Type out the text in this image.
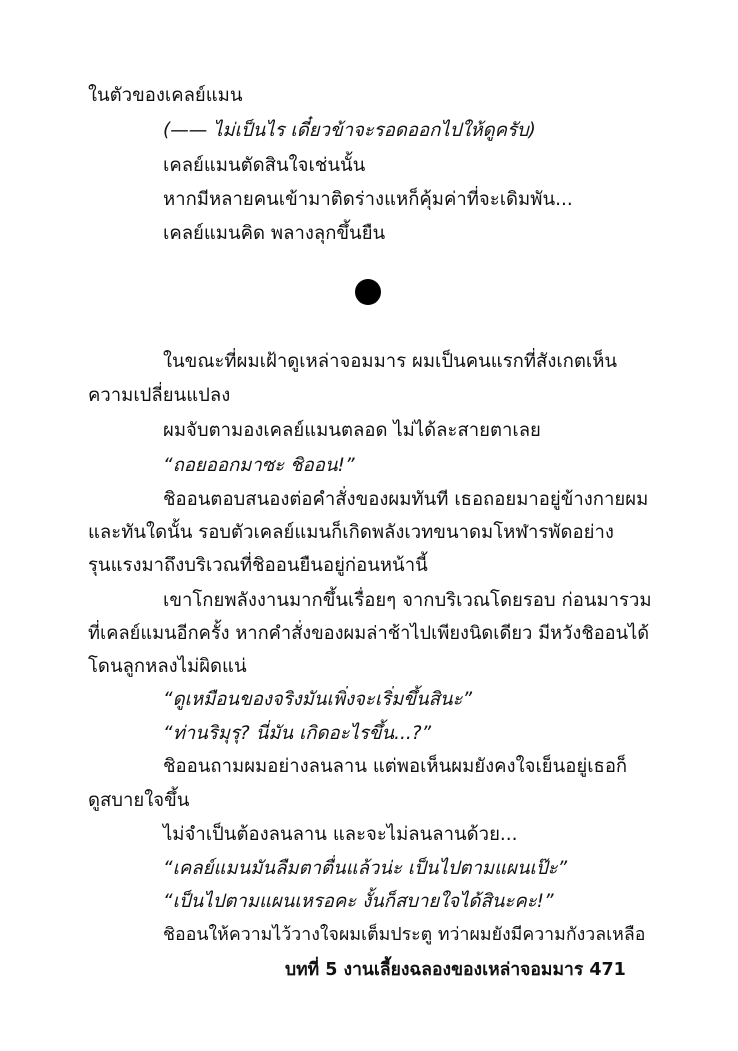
ในตัวของเคลย์แมน
(—— ไม่เป็นไร เดี๋ยวข้าจะรอดออกไปให้ดูครับ)
เคลย์แมนตัดสินใจเช่นนั้น
หากมีหลายคนเข้ามาติดร่างแหก็คุ้มค่าที่จะเดิมพัน...
เคลย์แมนคิด พลางลุกขึ้นยืน
ในขณะที่ผมเฝ้าดูเหล่าจอมมาร ผมเป็นคนแรกที่สังเกตเห็น
ความเปลี่ยนแปลง
ผมจับตามองเคลย์แมนตลอด ไม่ได้ละสายตาเลย
“ถอยออกมาซะ ชิออน!”
ชิออนตอบสนองต่อคำสั่งของผมทันที เธอถอยมาอยู่ข้างกายผม
และทันใดนั้น รอบตัวเคลย์แมนก็เกิดพลังเวทขนาดมโหฬารพัดอย่าง
รุนแรงมาถึงบริเวณที่ชิออนยืนอยู่ก่อนหน้านี้
เขาโกยพลังงานมากขึ้นเรื่อยๆ จากบริเวณโดยรอบ ก่อนมารวม
ที่เคลย์แมนอีกครั้ง หากคำสั่งของผมล่าช้าไปเพียงนิดเดียว มีหวังชิออนได้
โดนลูกหลงไม่ผิดแน่
“ดูเหมือนของจริงมันเพิ่งจะเริ่มขึ้นสินะ”
“ท่านริมุรุ? นี่มัน เกิดอะไรขึ้น...?”
ชิออนถามผมอย่างลนลาน แต่พอเห็นผมยังคงใจเย็นอยู่เธอก็
ดูสบายใจขึ้น
ไม่จำเป็นต้องลนลาน และจะไม่ลนลานด้วย...
“เคลย์แมนมันลืมตาตื่นแล้วน่ะ เป็นไปตามแผนเป๊ะ”
“เป็นไปตามแผนเหรอคะ งั้นก็สบายใจได้สินะคะ!”
ชิออนให้ความไว้วางใจผมเต็มประตู ทว่าผมยังมีความกังวลเหลือ
บทที่ 5 งานเลี้ยงฉลองของเหล่าจอมมาร 471
